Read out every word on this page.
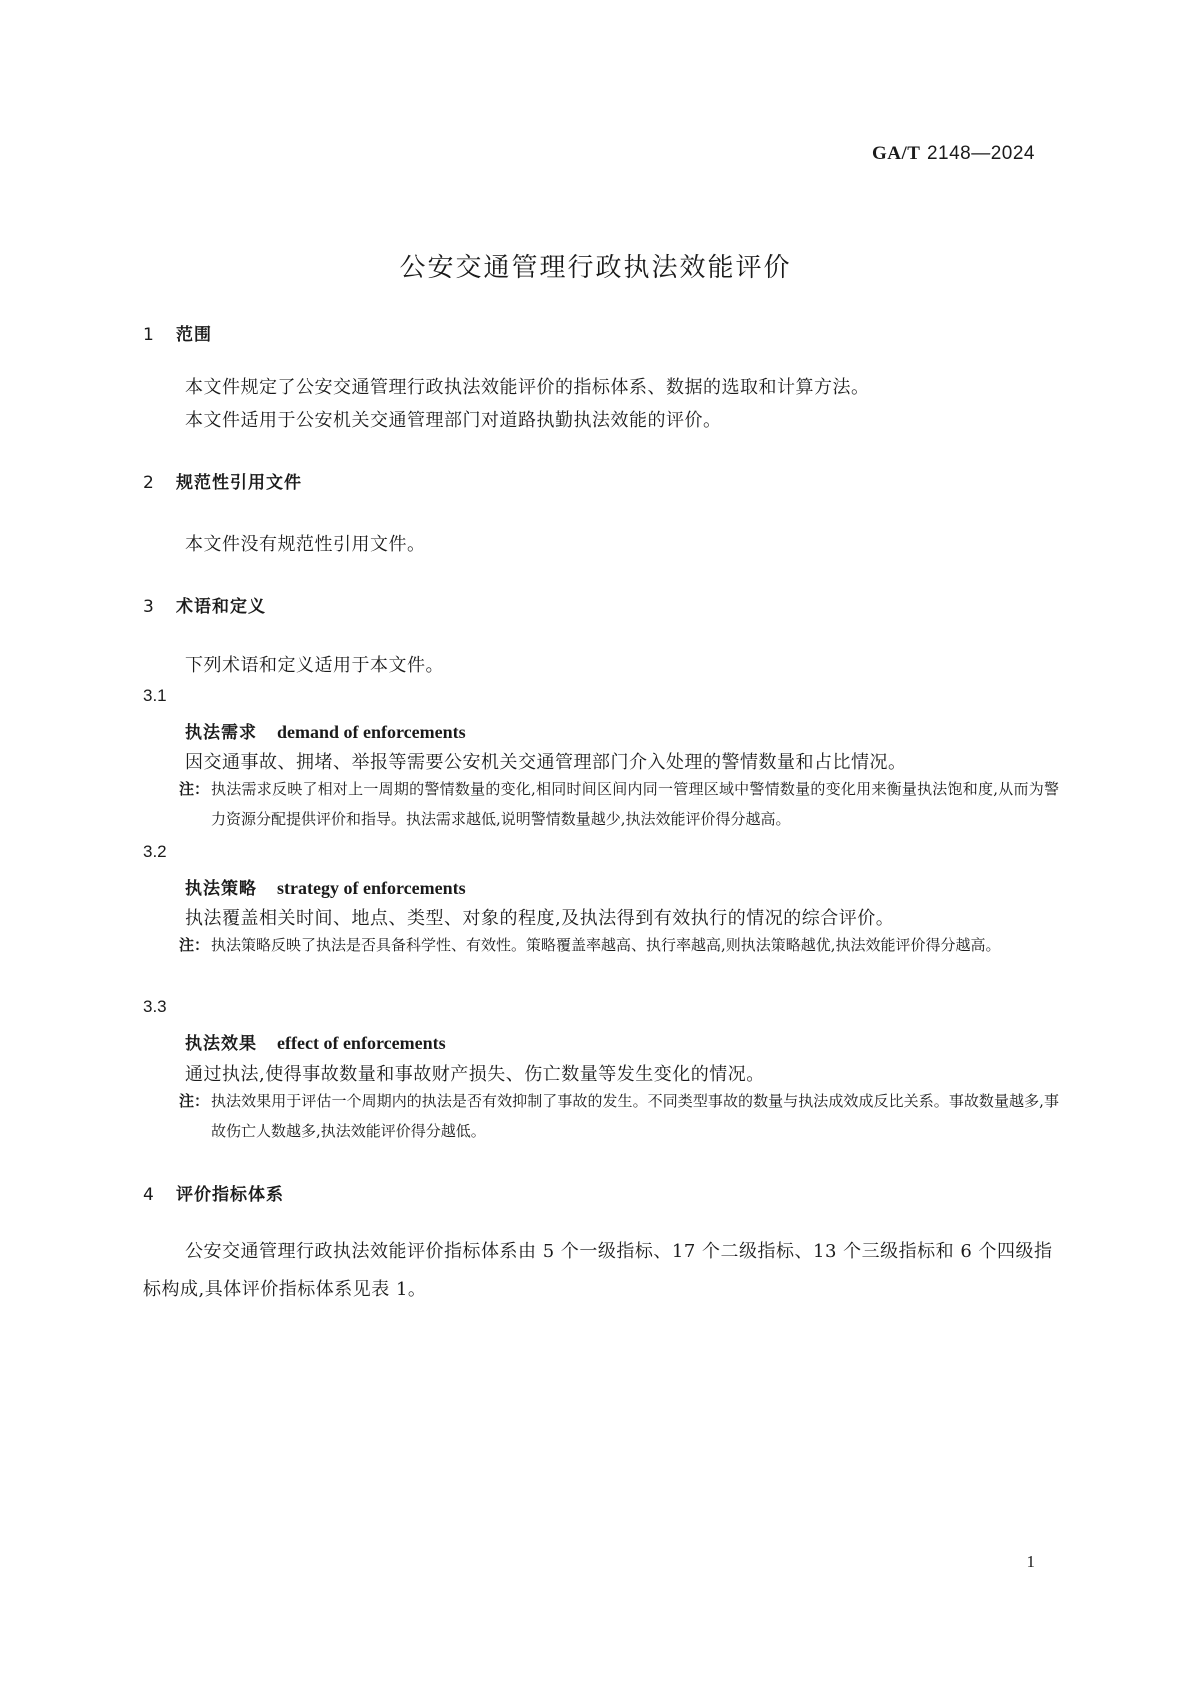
GA/T 2148—2024
公安交通管理行政执法效能评价
1 范围
本文件规定了公安交通管理行政执法效能评价的指标体系、数据的选取和计算方法。
本文件适用于公安机关交通管理部门对道路执勤执法效能的评价。
2 规范性引用文件
本文件没有规范性引用文件。
3 术语和定义
下列术语和定义适用于本文件。
3.1
执法需求 demand of enforcements
因交通事故、拥堵、举报等需要公安机关交通管理部门介入处理的警情数量和占比情况。
注： 执法需求反映了相对上一周期的警情数量的变化,相同时间区间内同一管理区域中警情数量的变化用来衡量执法饱和度,从而为警力资源分配提供评价和指导。执法需求越低,说明警情数量越少,执法效能评价得分越高。
3.2
执法策略 strategy of enforcements
执法覆盖相关时间、地点、类型、对象的程度,及执法得到有效执行的情况的综合评价。
注： 执法策略反映了执法是否具备科学性、有效性。策略覆盖率越高、执行率越高,则执法策略越优,执法效能评价得分越高。
3.3
执法效果 effect of enforcements
通过执法,使得事故数量和事故财产损失、伤亡数量等发生变化的情况。
注： 执法效果用于评估一个周期内的执法是否有效抑制了事故的发生。不同类型事故的数量与执法成效成反比关系。事故数量越多,事故伤亡人数越多,执法效能评价得分越低。
4 评价指标体系
公安交通管理行政执法效能评价指标体系由 5 个一级指标、17 个二级指标、13 个三级指标和 6 个四级指标构成,具体评价指标体系见表 1。
1
